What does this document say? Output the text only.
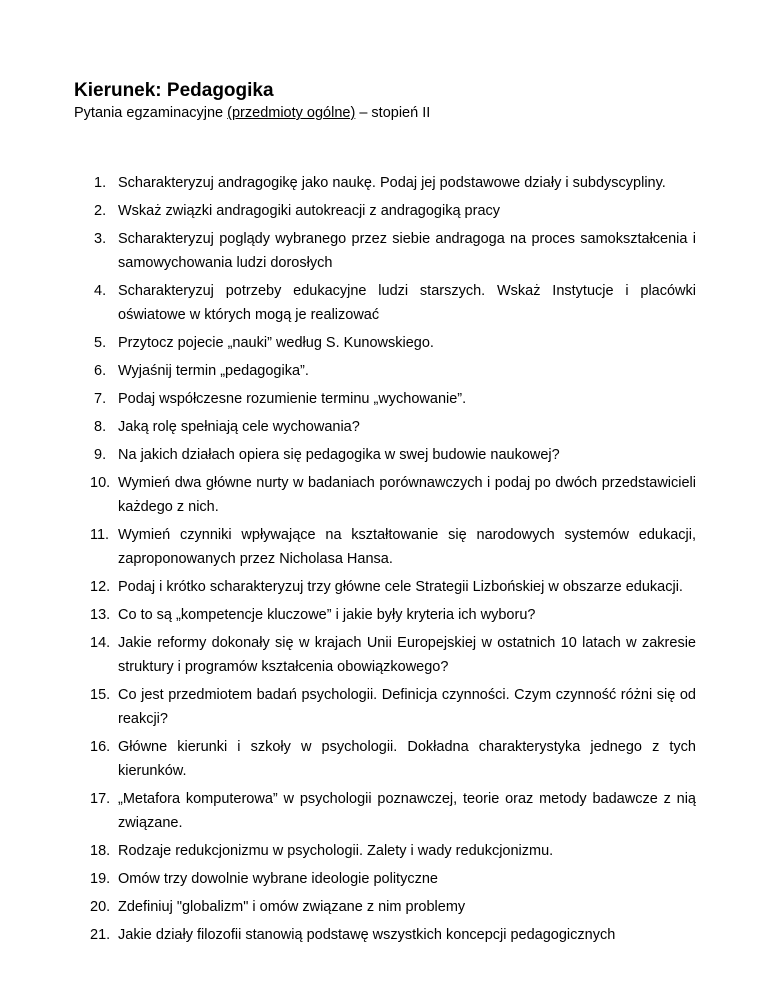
Kierunek: Pedagogika

Pytania egzaminacyjne (przedmioty ogólne) – stopień II

1. Scharakteryzuj andragogikę jako naukę. Podaj jej podstawowe działy i subdyscypliny.
2. Wskaż związki andragogiki autokreacji z andragogiką pracy
3. Scharakteryzuj poglądy wybranego przez siebie andragoga na proces samokształcenia i samowychowania ludzi dorosłych
4. Scharakteryzuj potrzeby edukacyjne ludzi starszych. Wskaż Instytucje i placówki oświatowe w których mogą je realizować
5. Przytocz pojecie „nauki” według S. Kunowskiego.
6. Wyjaśnij termin „pedagogika”.
7. Podaj współczesne rozumienie terminu „wychowanie”.
8. Jaką rolę spełniają cele wychowania?
9. Na jakich działach opiera się pedagogika w swej budowie naukowej?
10. Wymień dwa główne nurty w badaniach porównawczych i podaj po dwóch przedstawicieli każdego z nich.
11. Wymień czynniki wpływające na kształtowanie się narodowych systemów edukacji, zaproponowanych przez Nicholasa Hansa.
12. Podaj i krótko scharakteryzuj trzy główne cele Strategii Lizbońskiej w obszarze edukacji.
13. Co to są „kompetencje kluczowe” i jakie były kryteria ich wyboru?
14. Jakie reformy dokonały się w krajach Unii Europejskiej w ostatnich 10 latach w zakresie struktury i programów kształcenia obowiązkowego?
15. Co jest przedmiotem badań psychologii. Definicja czynności. Czym czynność różni się od reakcji?
16. Główne kierunki i szkoły w psychologii. Dokładna charakterystyka jednego z tych kierunków.
17. „Metafora komputerowa” w psychologii poznawczej, teorie oraz metody badawcze z nią związane.
18. Rodzaje redukcjonizmu w psychologii. Zalety i wady redukcjonizmu.
19. Omów trzy dowolnie wybrane ideologie polityczne
20. Zdefiniuj "globalizm" i omów związane z nim problemy
21. Jakie działy filozofii stanowią podstawę wszystkich koncepcji pedagogicznych
